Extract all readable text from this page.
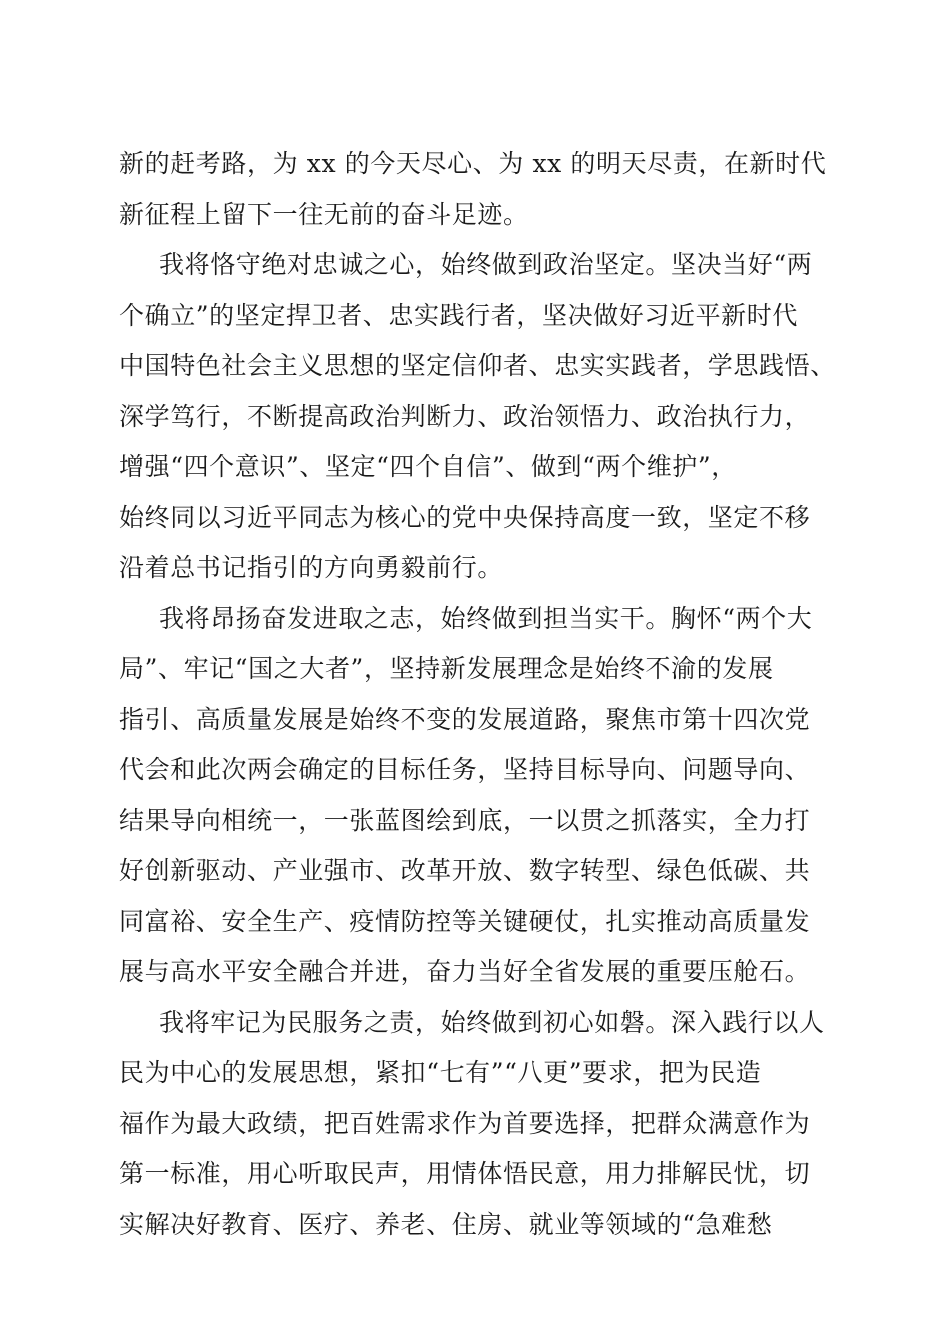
新的赶考路，为 xx 的今天尽心、为 xx 的明天尽责，在新时代
新征程上留下一往无前的奋斗足迹。
我将恪守绝对忠诚之心，始终做到政治坚定。坚决当好“两
个确立”的坚定捍卫者、忠实践行者，坚决做好习近平新时代
中国特色社会主义思想的坚定信仰者、忠实实践者，学思践悟、
深学笃行，不断提高政治判断力、政治领悟力、政治执行力，
增强“四个意识”、坚定“四个自信”、做到“两个维护”，
始终同以习近平同志为核心的党中央保持高度一致，坚定不移
沿着总书记指引的方向勇毅前行。
我将昂扬奋发进取之志，始终做到担当实干。胸怀“两个大
局”、牢记“国之大者”，坚持新发展理念是始终不渝的发展
指引、高质量发展是始终不变的发展道路，聚焦市第十四次党
代会和此次两会确定的目标任务，坚持目标导向、问题导向、
结果导向相统一，一张蓝图绘到底，一以贯之抓落实，全力打
好创新驱动、产业强市、改革开放、数字转型、绿色低碳、共
同富裕、安全生产、疫情防控等关键硬仗，扎实推动高质量发
展与高水平安全融合并进，奋力当好全省发展的重要压舱石。
我将牢记为民服务之责，始终做到初心如磐。深入践行以人
民为中心的发展思想，紧扣“七有”“八更”要求，把为民造
福作为最大政绩，把百姓需求作为首要选择，把群众满意作为
第一标准，用心听取民声，用情体悟民意，用力排解民忧，切
实解决好教育、医疗、养老、住房、就业等领域的“急难愁
